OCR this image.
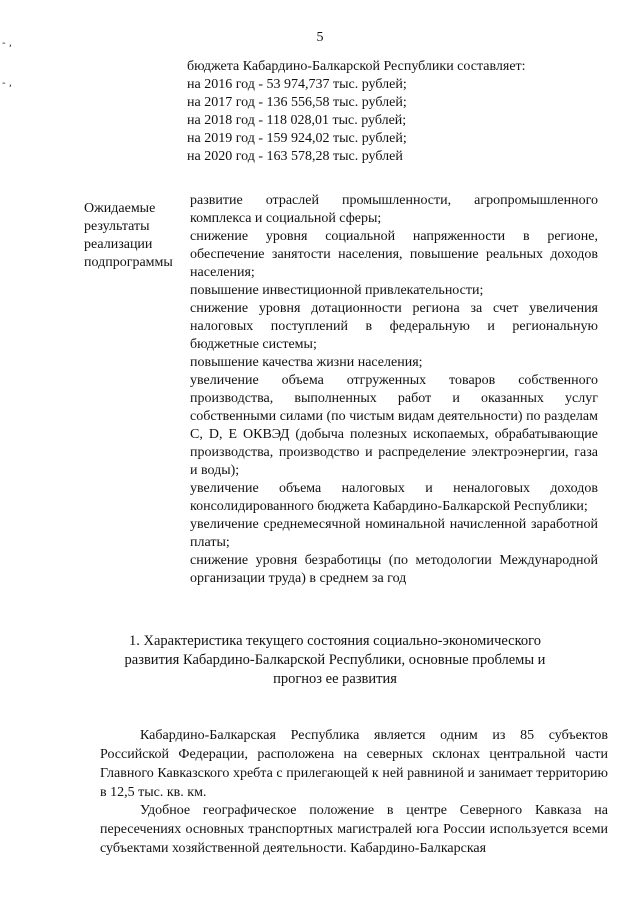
- ,
- ,
5
бюджета Кабардино-Балкарской Республики составляет:
на 2016 год - 53 974,737 тыс. рублей;
на 2017 год - 136 556,58 тыс. рублей;
на 2018 год - 118 028,01 тыс. рублей;
на 2019 год - 159 924,02 тыс. рублей;
на 2020 год - 163 578,28 тыс. рублей
Ожидаемые
результаты
реализации
подпрограммы

развитие отраслей промышленности, агропромышленного комплекса и социальной сферы;

снижение уровня социальной напряженности в регионе, обеспечение занятости населения, повышение реальных доходов населения;

повышение инвестиционной привлекательности;

снижение уровня дотационности региона за счет увеличения налоговых поступлений в федеральную и региональную бюджетные системы;

повышение качества жизни населения;

увеличение объема отгруженных товаров собственного производства, выполненных работ и оказанных услуг собственными силами (по чистым видам деятельности) по разделам C, D, E ОКВЭД (добыча полезных ископаемых, обрабатывающие производства, производство и распределение электроэнергии, газа и воды);

увеличение объема налоговых и неналоговых доходов консолидированного бюджета Кабардино-Балкарской Республики;

увеличение среднемесячной номинальной начисленной заработной платы;

снижение уровня безработицы (по методологии Международной организации труда) в среднем за год

1. Характеристика текущего состояния социально-экономического развития Кабардино-Балкарской Республики, основные проблемы и прогноз ее развития

Кабардино-Балкарская Республика является одним из 85 субъектов Российской Федерации, расположена на северных склонах центральной части Главного Кавказского хребта с прилегающей к ней равниной и занимает территорию в 12,5 тыс. кв. км.

Удобное географическое положение в центре Северного Кавказа на пересечениях основных транспортных магистралей юга России используется всеми субъектами хозяйственной деятельности. Кабардино-Балкарская
